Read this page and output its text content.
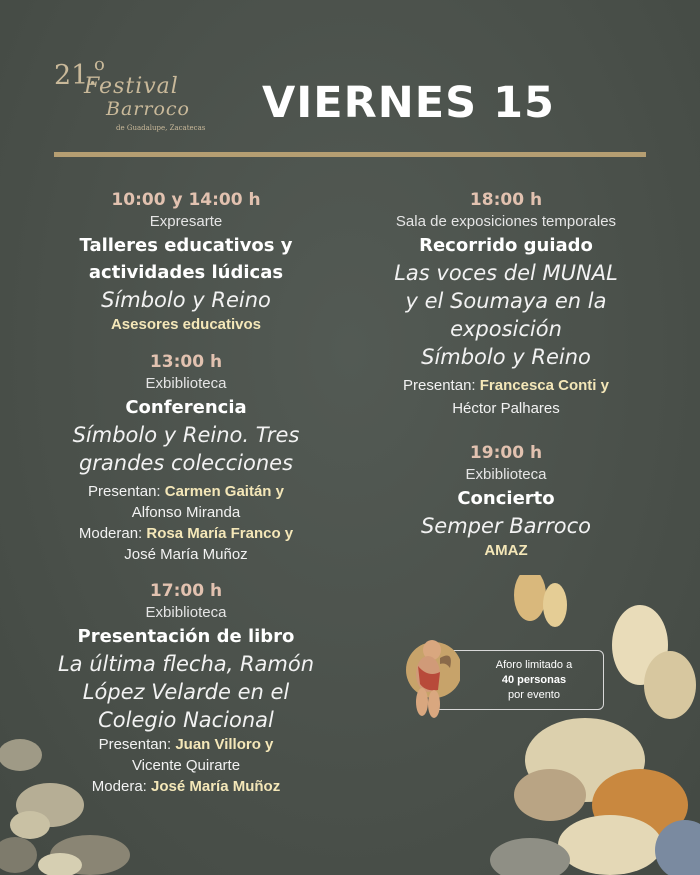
21.
o
Festival
Barroco
de Guadalupe, Zacatecas VIERNES 15
10:00 y 14:00 h
Expresarte
Talleres educativos y
actividades lúdicas
Símbolo y Reino
Asesores educativos
13:00 h
Exbiblioteca
Conferencia
Símbolo y Reino. Tres
grandes colecciones
Presentan: Carmen Gaitán y
Alfonso Miranda
Moderan: Rosa María Franco y
José María Muñoz
17:00 h
Exbiblioteca
Presentación de libro
La última flecha, Ramón
López Velarde en el
Colegio Nacional
Presentan: Juan Villoro y
Vicente Quirarte
Modera: José María Muñoz
18:00 h
Sala de exposiciones temporales
Recorrido guiado
Las voces del MUNAL
y el Soumaya en la
exposición
Símbolo y Reino
Presentan: Francesca Conti y
Héctor Palhares
19:00 h
Exbiblioteca
Concierto
Semper Barroco
AMAZ
Aforo limitado a
40 personas
por evento
